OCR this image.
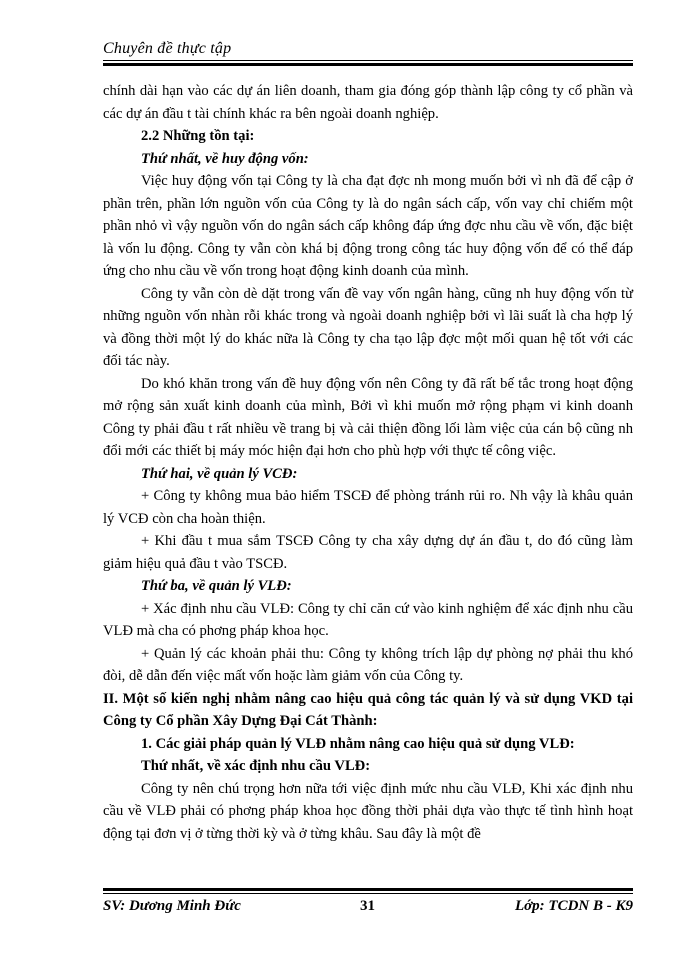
Chuyên đề thực tập

chính dài hạn vào các dự án liên doanh, tham gia đóng góp thành lập công ty cổ phần và các dự án đầu t tài chính khác ra bên ngoài doanh nghiệp.

2.2 Những tồn tại:

Thứ nhất, về huy động vốn:

Việc huy động vốn tại Công ty là cha đạt đợc nh mong muốn bởi vì nh đã để cập ở phần trên, phần lớn nguồn vốn của Công ty là do ngân sách cấp, vốn vay chỉ chiếm một phần nhỏ vì vậy nguồn vốn do ngân sách cấp không đáp ứng đợc nhu cầu về vốn, đặc biệt là vốn lu động. Công ty vẫn còn khá bị động trong công tác huy động vốn để có thể đáp ứng cho nhu cầu về vốn trong hoạt động kinh doanh của mình.

Công ty vẫn còn dè dặt trong vấn đề vay vốn ngân hàng, cũng nh huy động vốn từ những nguồn vốn nhàn rỗi khác trong và ngoài doanh nghiệp bởi vì lãi suất là cha hợp lý và đồng thời một lý do khác nữa là Công ty cha tạo lập đợc một mối quan hệ tốt với các đối tác này.

Do khó khăn trong vấn đề huy động vốn nên Công ty đã rất bế tắc trong hoạt động mở rộng sản xuất kinh doanh của mình, Bởi vì khi muốn mở rộng phạm vi kinh doanh Công ty phải đầu t rất nhiều về trang bị và cải thiện đồng lối làm việc của cán bộ cũng nh đổi mới các thiết bị máy móc hiện đại hơn cho phù hợp với thực tế công việc.

Thứ hai, về quản lý VCĐ:

+ Công ty không mua bảo hiểm TSCĐ để phòng tránh rủi ro. Nh vậy là khâu quản lý VCĐ còn cha hoàn thiện.

+ Khi đầu t mua sắm TSCĐ Công ty cha xây dựng dự án đầu t, do đó cũng làm giảm hiệu quả đầu t vào TSCĐ.

Thứ ba, về quản lý VLĐ:

+ Xác định nhu cầu VLĐ: Công ty chỉ căn cứ vào kinh nghiệm để xác định nhu cầu VLĐ mà cha có phơng pháp khoa học.

+ Quản lý các khoản phải thu: Công ty không trích lập dự phòng nợ phải thu khó đòi, dễ dẫn đến việc mất vốn hoặc làm giảm vốn của Công ty.

II. Một số kiến nghị nhằm nâng cao hiệu quả công tác quản lý và sử dụng VKD tại Công ty Cổ phần Xây Dựng Đại Cát Thành:

1. Các giải pháp quản lý VLĐ nhằm nâng cao hiệu quả sử dụng VLĐ:

Thứ nhất, về xác định nhu cầu VLĐ:

Công ty nên chú trọng hơn nữa tới việc định mức nhu cầu VLĐ, Khi xác định nhu cầu về VLĐ phải có phơng pháp khoa học đồng thời phải dựa vào thực tế tình hình hoạt động tại đơn vị ở từng thời kỳ và ở từng khâu. Sau đây là một đề

SV: Dương Minh Đức	31	Lớp: TCDN B - K9
